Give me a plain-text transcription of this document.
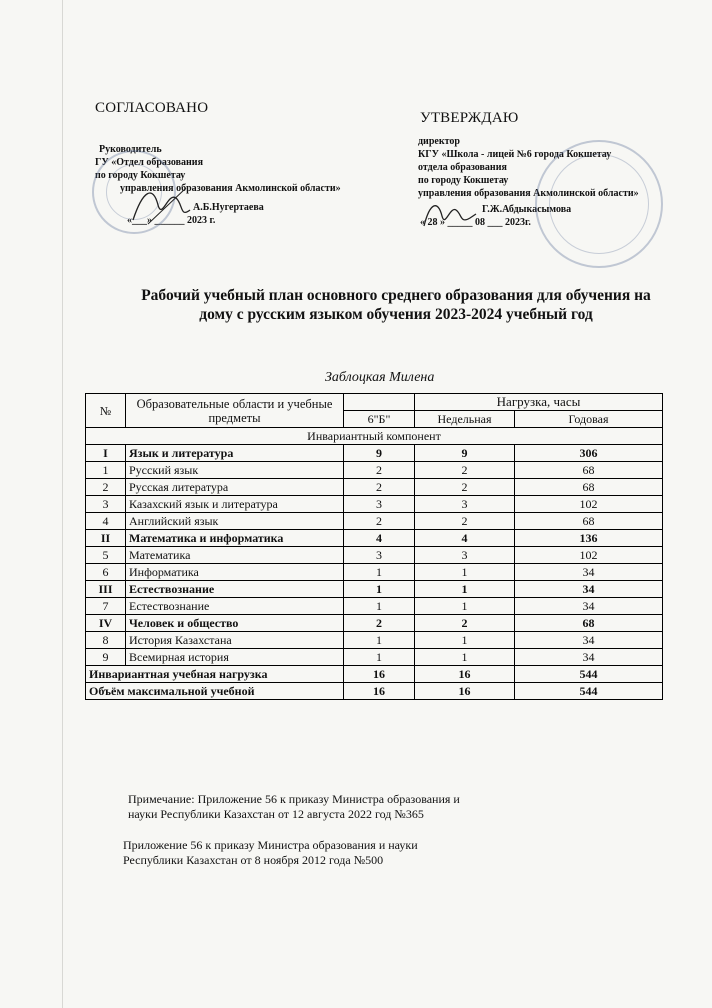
СОГЛАСОВАНО
Руководитель
ГУ «Отдел образования
по городу Кокшетау
управления образования Акмолинской области»
А.Б.Нугертаева
«___» ______ 2023 г.
УТВЕРЖДАЮ
директор
КГУ «Школа - лицей №6 города Кокшетау
отдела образования
по городу Кокшетау
управления образования Акмолинской области»
Г.Ж.Абдыкасымова
« 28 » _____ 08 ___ 2023г.
Рабочий учебный план основного среднего образования для обучения на дому с русским языком обучения 2023-2024 учебный год
Заблоцкая Милена
№	Образовательные области и учебные предметы		Нагрузка, часы	
		6"Б"	Недельная	Годовая
Инвариантный компонент				
I	Язык и литература	9	9	306
1	Русский язык	2	2	68
2	Русская литература	2	2	68
3	Казахский язык и литература	3	3	102
4	Английский язык	2	2	68
II	Математика и информатика	4	4	136
5	Математика	3	3	102
6	Информатика	1	1	34
III	Естествознание	1	1	34
7	Естествознание	1	1	34
IV	Человек и общество	2	2	68
8	История Казахстана	1	1	34
9	Всемирная история	1	1	34
Инвариантная учебная нагрузка		16	16	544
Объём максимальной учебной		16	16	544
Примечание: Приложение 56 к приказу Министра образования и
науки Республики Казахстан от 12 августа 2022 год №365
Приложение 56 к приказу Министра образования и науки
Республики Казахстан от 8 ноября 2012 года №500
